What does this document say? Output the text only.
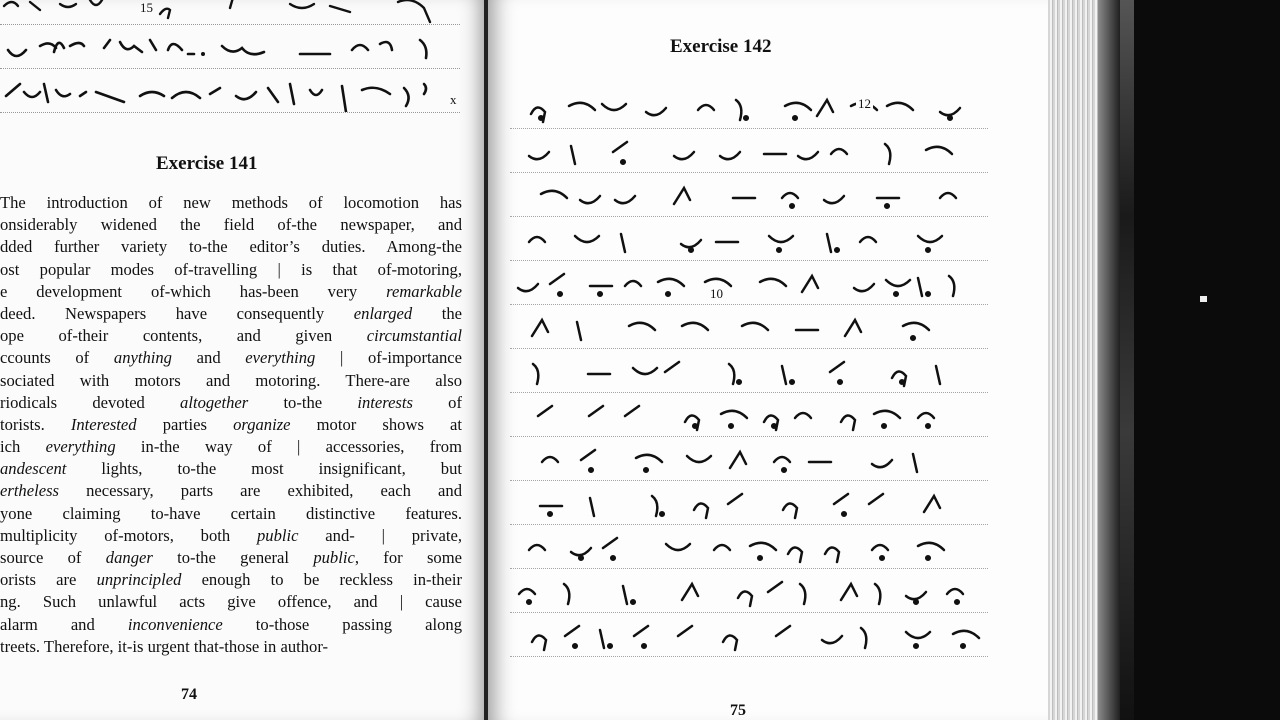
15
x
Exercise 141
The introduction of new methods of locomotion has
onsiderably widened the field of-the newspaper, and
dded further variety to-the editor’s duties. Among-the
ost popular modes of-travelling | is that of-motoring,
e development of-which has-been very remarkable
deed. Newspapers have consequently enlarged the
ope of-their contents, and given circumstantial
ccounts of anything and everything | of-importance
sociated with motors and motoring. There-are also
riodicals devoted altogether to-the interests of
torists. Interested parties organize motor shows at
ich everything in-the way of | accessories, from
andescent lights, to-the most insignificant, but
ertheless necessary, parts are exhibited, each and
yone claiming to-have certain distinctive features.
multiplicity of-motors, both public and- | private,
source of danger to-the general public, for some
orists are unprincipled enough to be reckless in-their
ng. Such unlawful acts give offence, and | cause
alarm and inconvenience to-those passing along
treets. Therefore, it-is urgent that-those in author-
74
Exercise 142
75
12
10
